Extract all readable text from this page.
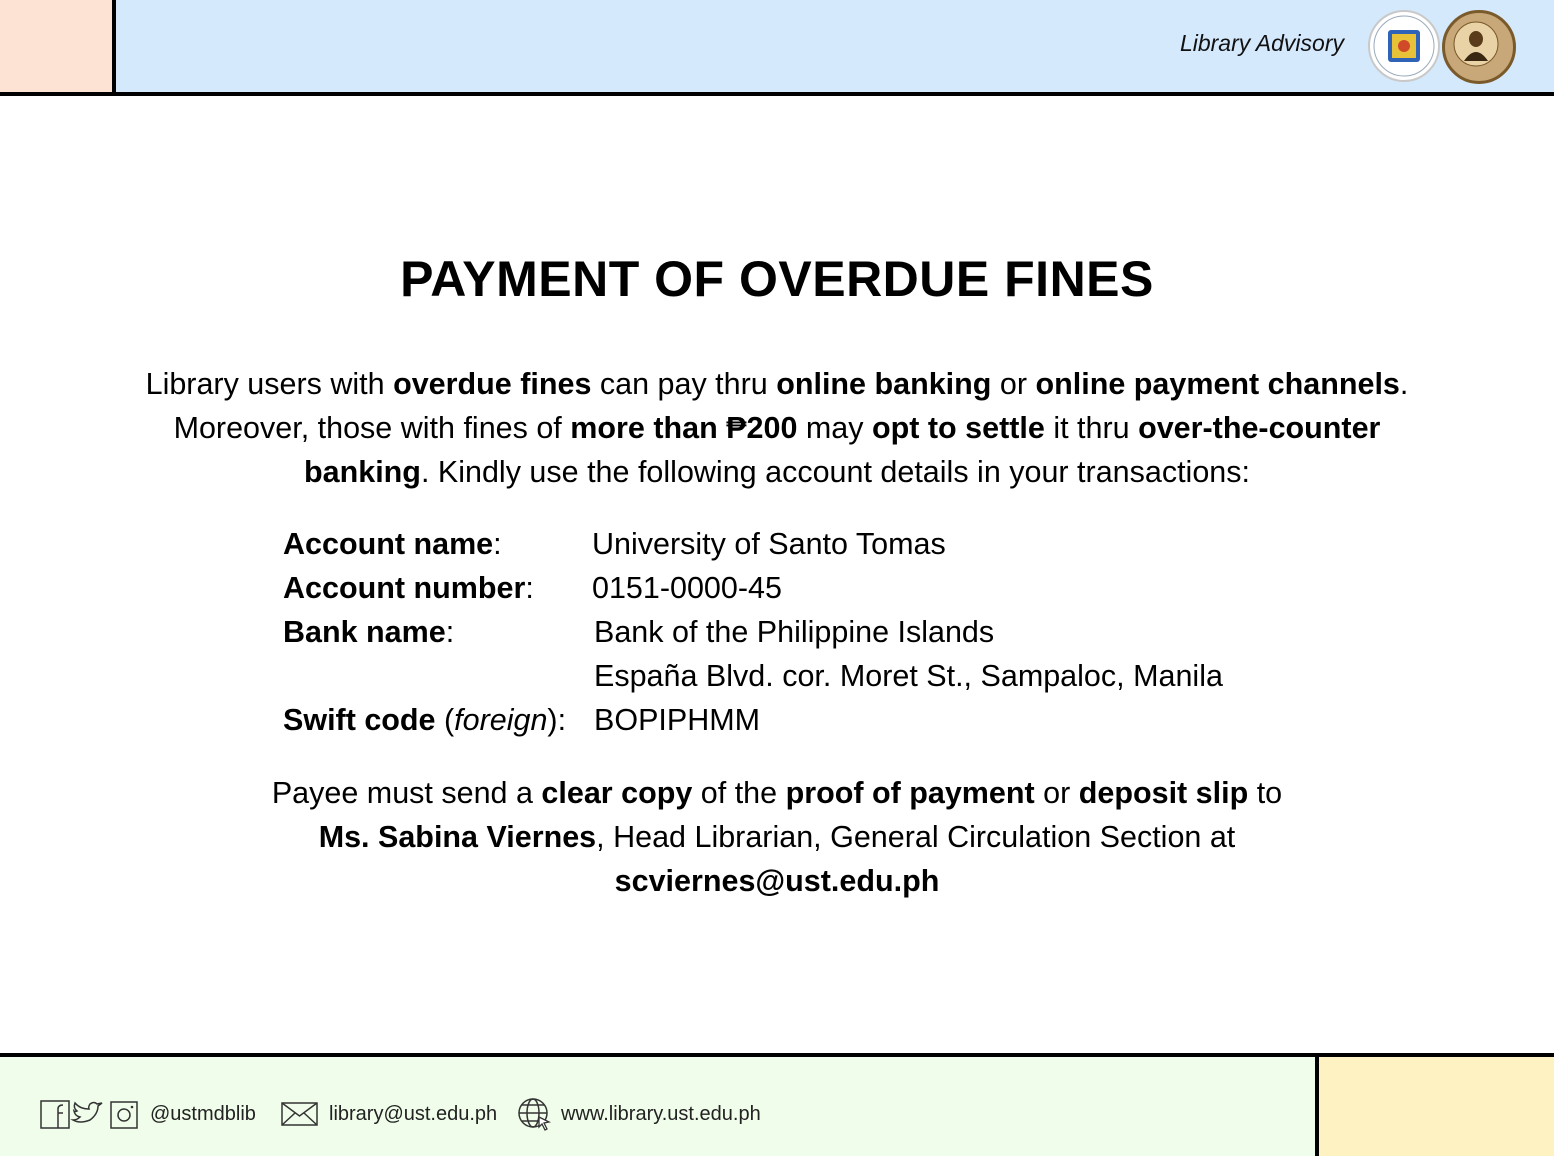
Library Advisory
PAYMENT OF OVERDUE FINES
Library users with overdue fines can pay thru online banking or online payment channels. Moreover, those with fines of more than ₱200 may opt to settle it thru over-the-counter banking. Kindly use the following account details in your transactions:
Account name:	University of Santo Tomas
Account number: 0151-0000-45
Bank name:	Bank of the Philippine Islands
España Blvd. cor. Moret St., Sampaloc, Manila
Swift code (foreign): BOPIPHMM
Payee must send a clear copy of the proof of payment or deposit slip to
Ms. Sabina Viernes, Head Librarian, General Circulation Section at
scviernes@ust.edu.ph
@ustmdblib	library@ust.edu.ph	www.library.ust.edu.ph
